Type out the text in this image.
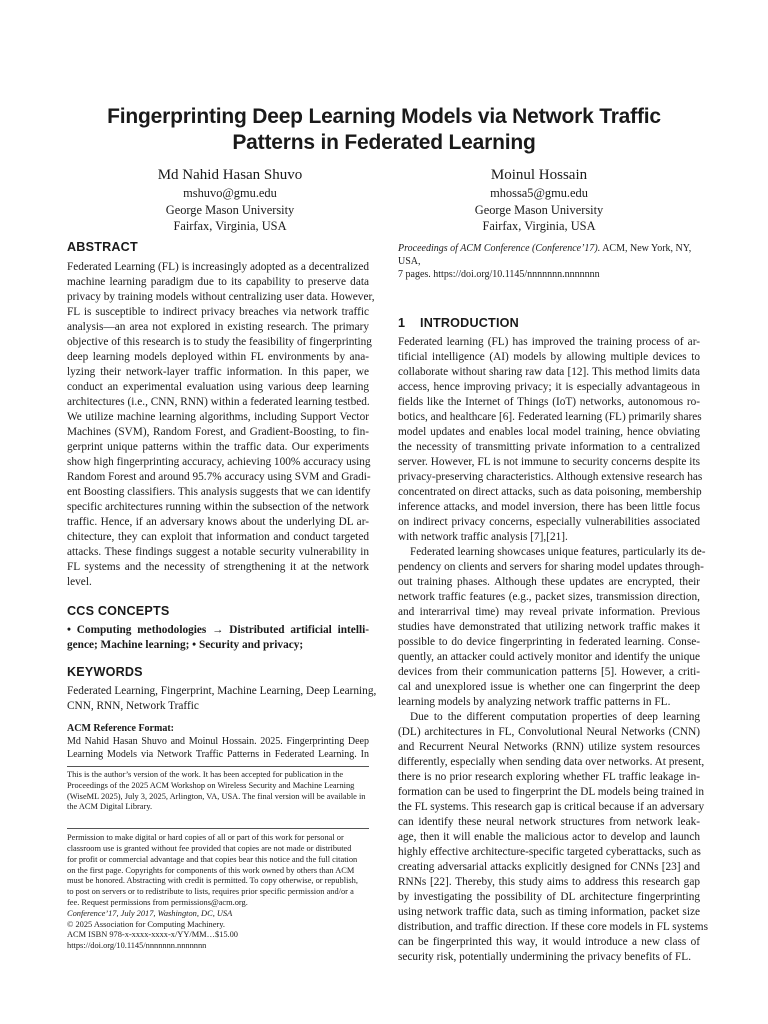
Fingerprinting Deep Learning Models via Network Traffic
Patterns in Federated Learning
Md Nahid Hasan Shuvo
mshuvo@gmu.edu
George Mason University
Fairfax, Virginia, USA
Moinul Hossain
mhossa5@gmu.edu
George Mason University
Fairfax, Virginia, USA
ABSTRACT
Federated Learning (FL) is increasingly adopted as a decentralized
machine learning paradigm due to its capability to preserve data
privacy by training models without centralizing user data. However,
FL is susceptible to indirect privacy breaches via network traffic
analysis—an area not explored in existing research. The primary
objective of this research is to study the feasibility of fingerprinting
deep learning models deployed within FL environments by ana-
lyzing their network-layer traffic information. In this paper, we
conduct an experimental evaluation using various deep learning
architectures (i.e., CNN, RNN) within a federated learning testbed.
We utilize machine learning algorithms, including Support Vector
Machines (SVM), Random Forest, and Gradient-Boosting, to fin-
gerprint unique patterns within the traffic data. Our experiments
show high fingerprinting accuracy, achieving 100% accuracy using
Random Forest and around 95.7% accuracy using SVM and Gradi-
ent Boosting classifiers. This analysis suggests that we can identify
specific architectures running within the subsection of the network
traffic. Hence, if an adversary knows about the underlying DL ar-
chitecture, they can exploit that information and conduct targeted
attacks. These findings suggest a notable security vulnerability in
FL systems and the necessity of strengthening it at the network
level.
CCS CONCEPTS
• Computing methodologies → Distributed artificial intelli-
gence; Machine learning; • Security and privacy;
KEYWORDS
Federated Learning, Fingerprint, Machine Learning, Deep Learning,
CNN, RNN, Network Traffic
ACM Reference Format:
Md Nahid Hasan Shuvo and Moinul Hossain. 2025. Fingerprinting Deep
Learning Models via Network Traffic Patterns in Federated Learning. In
This is the author’s version of the work. It has been accepted for publication in the
Proceedings of the 2025 ACM Workshop on Wireless Security and Machine Learning
(WiseML 2025), July 3, 2025, Arlington, VA, USA. The final version will be available in
the ACM Digital Library.
Permission to make digital or hard copies of all or part of this work for personal or
classroom use is granted without fee provided that copies are not made or distributed
for profit or commercial advantage and that copies bear this notice and the full citation
on the first page. Copyrights for components of this work owned by others than ACM
must be honored. Abstracting with credit is permitted. To copy otherwise, or republish,
to post on servers or to redistribute to lists, requires prior specific permission and/or a
fee. Request permissions from permissions@acm.org.
Conference’17, July 2017, Washington, DC, USA
© 2025 Association for Computing Machinery.
ACM ISBN 978-x-xxxx-xxxx-x/YY/MM…$15.00
https://doi.org/10.1145/nnnnnnn.nnnnnnn
Proceedings of ACM Conference (Conference’17). ACM, New York, NY, USA,
7 pages. https://doi.org/10.1145/nnnnnnn.nnnnnnn
1    INTRODUCTION
Federated learning (FL) has improved the training process of ar-
tificial intelligence (AI) models by allowing multiple devices to
collaborate without sharing raw data [12]. This method limits data
access, hence improving privacy; it is especially advantageous in
fields like the Internet of Things (IoT) networks, autonomous ro-
botics, and healthcare [6]. Federated learning (FL) primarily shares
model updates and enables local model training, hence obviating
the necessity of transmitting private information to a centralized
server. However, FL is not immune to security concerns despite its
privacy-preserving characteristics. Although extensive research has
concentrated on direct attacks, such as data poisoning, membership
inference attacks, and model inversion, there has been little focus
on indirect privacy concerns, especially vulnerabilities associated
with network traffic analysis [7],[21].
Federated learning showcases unique features, particularly its de-
pendency on clients and servers for sharing model updates through-
out training phases. Although these updates are encrypted, their
network traffic features (e.g., packet sizes, transmission direction,
and interarrival time) may reveal private information. Previous
studies have demonstrated that utilizing network traffic makes it
possible to do device fingerprinting in federated learning. Conse-
quently, an attacker could actively monitor and identify the unique
devices from their communication patterns [5]. However, a criti-
cal and unexplored issue is whether one can fingerprint the deep
learning models by analyzing network traffic patterns in FL.
Due to the different computation properties of deep learning
(DL) architectures in FL, Convolutional Neural Networks (CNN)
and Recurrent Neural Networks (RNN) utilize system resources
differently, especially when sending data over networks. At present,
there is no prior research exploring whether FL traffic leakage in-
formation can be used to fingerprint the DL models being trained in
the FL systems. This research gap is critical because if an adversary
can identify these neural network structures from network leak-
age, then it will enable the malicious actor to develop and launch
highly effective architecture-specific targeted cyberattacks, such as
creating adversarial attacks explicitly designed for CNNs [23] and
RNNs [22]. Thereby, this study aims to address this research gap
by investigating the possibility of DL architecture fingerprinting
using network traffic data, such as timing information, packet size
distribution, and traffic direction. If these core models in FL systems
can be fingerprinted this way, it would introduce a new class of
security risk, potentially undermining the privacy benefits of FL.
